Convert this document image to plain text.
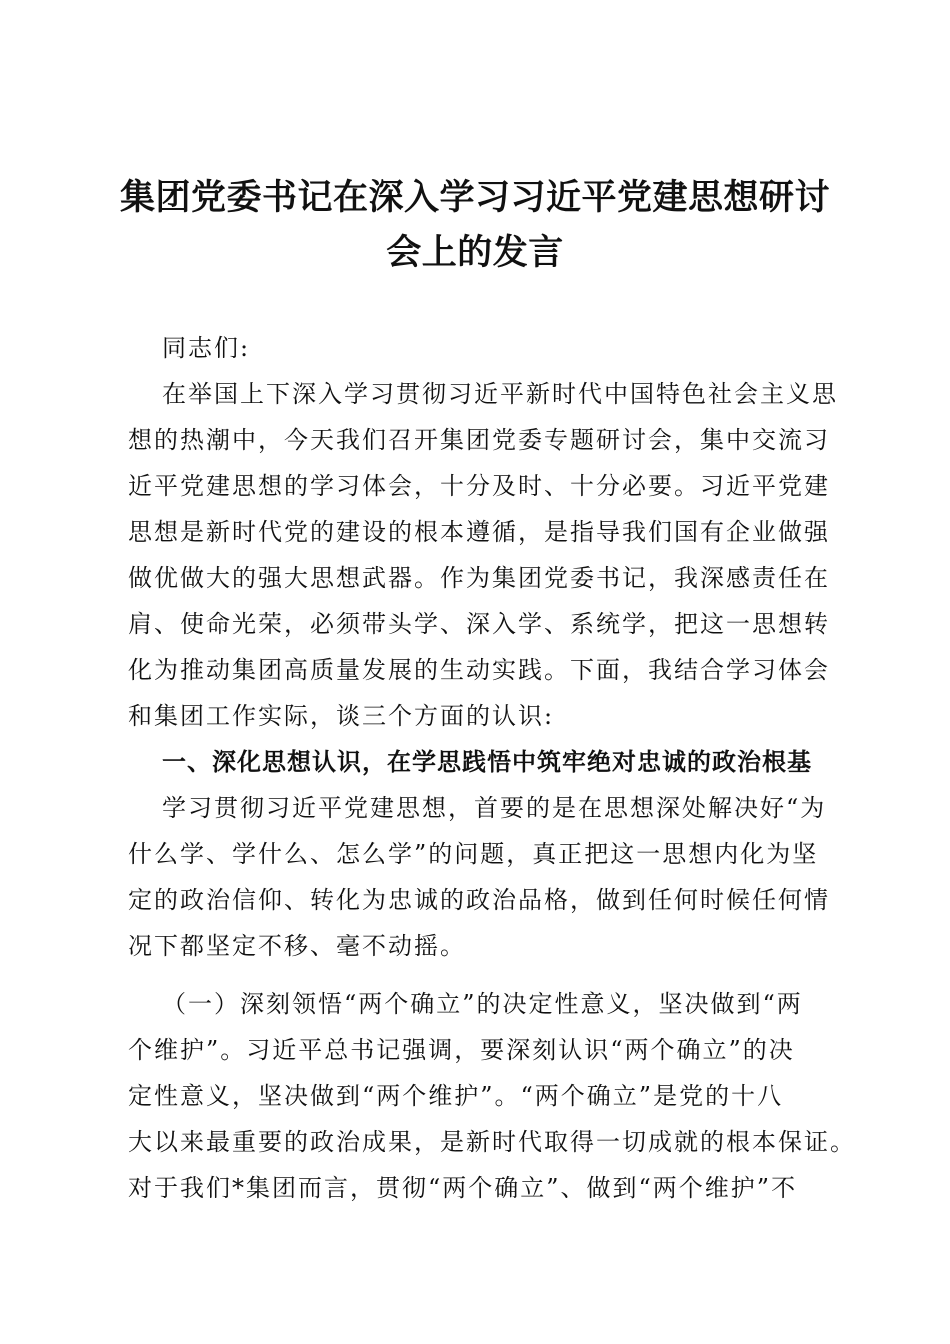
集团党委书记在深入学习习近平党建思想研讨
会上的发言
同志们:
在举国上下深入学习贯彻习近平新时代中国特色社会主义思
想的热潮中，今天我们召开集团党委专题研讨会，集中交流习
近平党建思想的学习体会，十分及时、十分必要。习近平党建
思想是新时代党的建设的根本遵循，是指导我们国有企业做强
做优做大的强大思想武器。作为集团党委书记，我深感责任在
肩、使命光荣，必须带头学、深入学、系统学，把这一思想转
化为推动集团高质量发展的生动实践。下面，我结合学习体会
和集团工作实际，谈三个方面的认识:
一、深化思想认识，在学思践悟中筑牢绝对忠诚的政治根基
学习贯彻习近平党建思想，首要的是在思想深处解决好“为
什么学、学什么、怎么学”的问题，真正把这一思想内化为坚
定的政治信仰、转化为忠诚的政治品格，做到任何时候任何情
况下都坚定不移、毫不动摇。
（一）深刻领悟“两个确立”的决定性意义，坚决做到“两
个维护”。习近平总书记强调，要深刻认识“两个确立”的决
定性意义，坚决做到“两个维护”。“两个确立”是党的十八
大以来最重要的政治成果，是新时代取得一切成就的根本保证。
对于我们*集团而言，贯彻“两个确立”、做到“两个维护”不
